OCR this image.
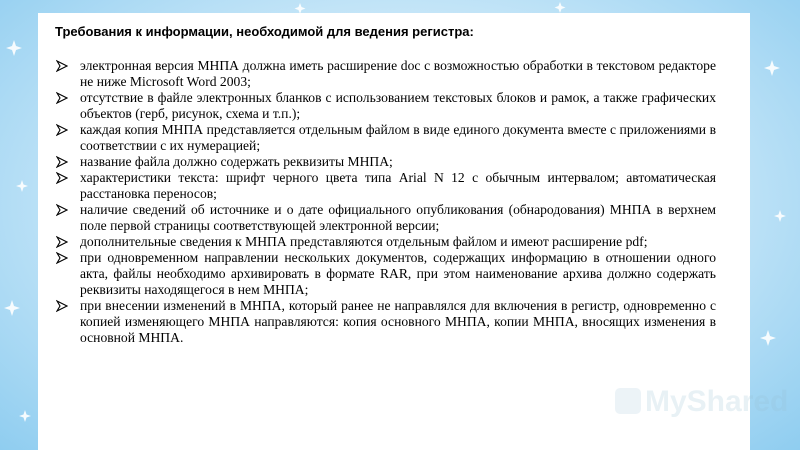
Требования к информации, необходимой для ведения регистра:

электронная версия МНПА должна иметь расширение doc с возможностью обработки в текстовом редакторе не ниже Microsoft Word 2003;
отсутствие в файле электронных бланков с использованием текстовых блоков и рамок, а также графических объектов (герб, рисунок, схема и т.п.);
каждая копия МНПА представляется отдельным файлом в виде единого документа вместе с приложениями в соответствии с их нумерацией;
название файла должно содержать реквизиты МНПА;
характеристики текста: шрифт черного цвета типа Arial N 12 с обычным интервалом; автоматическая расстановка переносов;
наличие сведений об источнике и о дате официального опубликования (обнародования) МНПА в верхнем поле первой страницы соответствующей электронной версии;
дополнительные сведения к МНПА представляются отдельным файлом и имеют расширение pdf;
при одновременном направлении нескольких документов, содержащих информацию в отношении одного акта, файлы необходимо архивировать в формате RAR, при этом наименование архива должно содержать реквизиты находящегося в нем МНПА;
при внесении изменений в МНПА, который ранее не направлялся для включения в регистр, одновременно с копией изменяющего МНПА направляются: копия основного МНПА, копии МНПА, вносящих изменения в основной МНПА.
MyShared
